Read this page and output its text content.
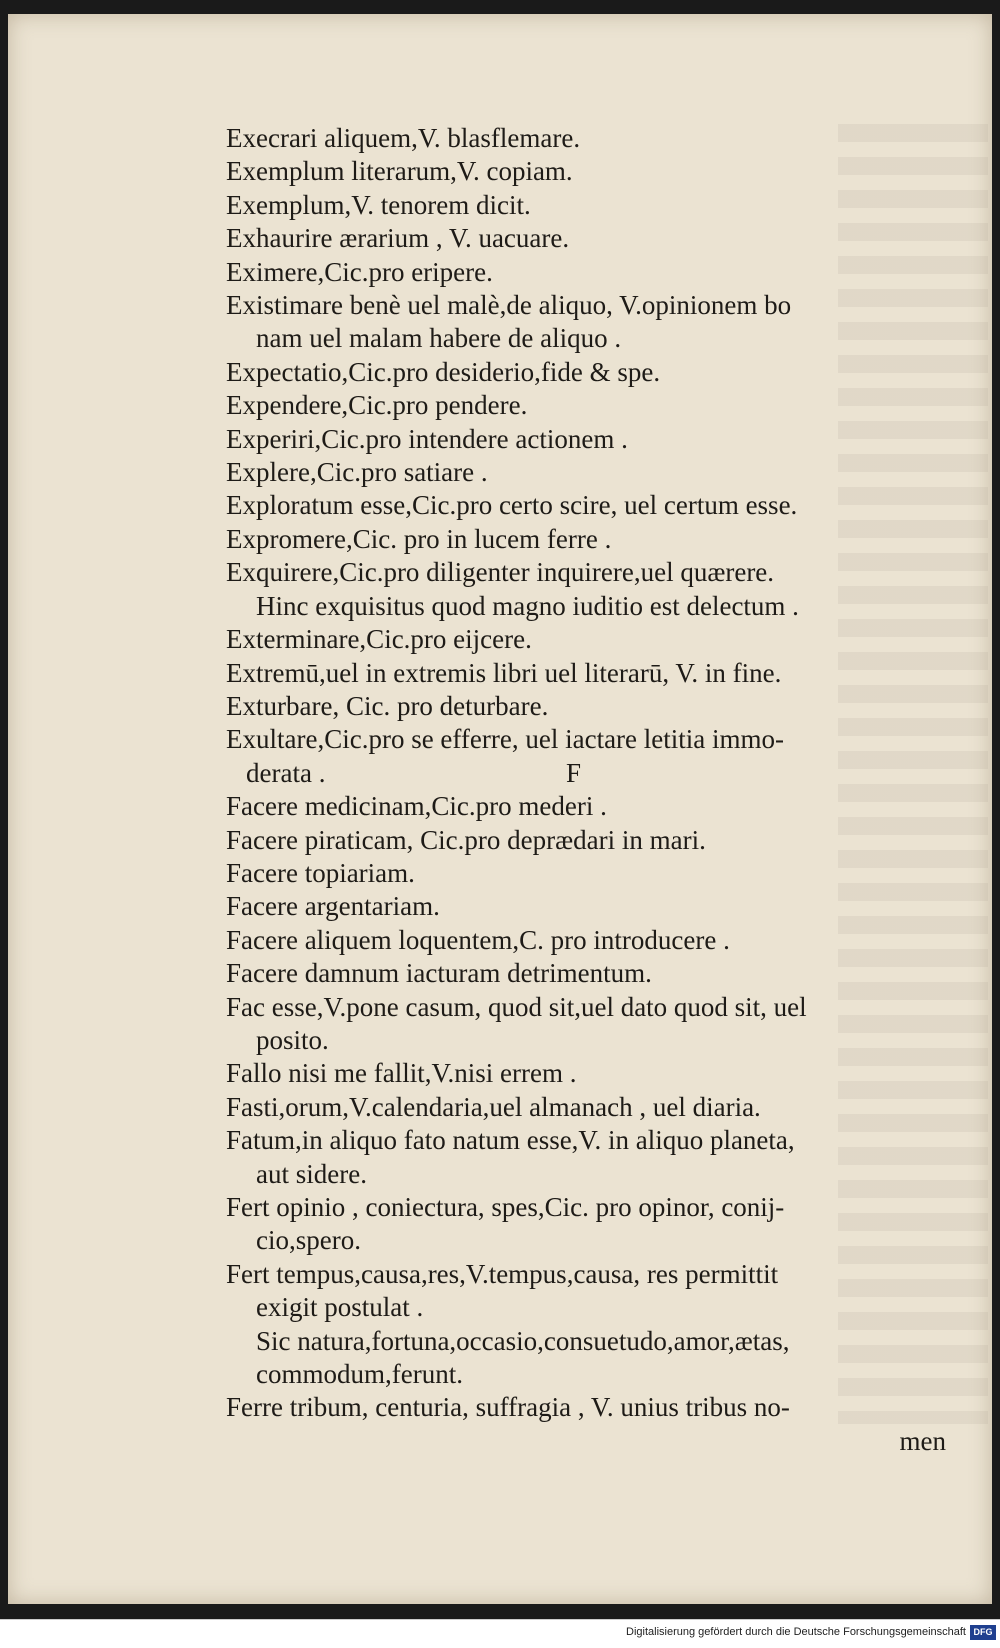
Execrari aliquem,V. blasflemare.
Exemplum literarum,V. copiam.
Exemplum,V. tenorem dicit.
Exhaurire ærarium , V. uacuare.
Eximere,Cic.pro eripere.
Existimare benè uel malè,de aliquo, V.opinionem bo
nam uel malam habere de aliquo .
Expectatio,Cic.pro desiderio,fide & spe.
Expendere,Cic.pro pendere.
Experiri,Cic.pro intendere actionem .
Explere,Cic.pro satiare .
Exploratum esse,Cic.pro certo scire, uel certum esse.
Expromere,Cic. pro in lucem ferre .
Exquirere,Cic.pro diligenter inquirere,uel quærere.
Hinc exquisitus quod magno iuditio est delectum .
Exterminare,Cic.pro eijcere.
Extremū,uel in extremis libri uel literarū, V. in fine.
Exturbare, Cic. pro deturbare.
Exultare,Cic.pro se efferre, uel iactare letitia immo-
derata .	F
Facere medicinam,Cic.pro mederi .
Facere piraticam, Cic.pro deprædari in mari.
Facere topiariam.
Facere argentariam.
Facere aliquem loquentem,C. pro introducere .
Facere damnum iacturam detrimentum.
Fac esse,V.pone casum, quod sit,uel dato quod sit, uel
posito.
Fallo nisi me fallit,V.nisi errem .
Fasti,orum,V.calendaria,uel almanach , uel diaria.
Fatum,in aliquo fato natum esse,V. in aliquo planeta,
aut sidere.
Fert opinio , coniectura, spes,Cic. pro opinor, conij-
cio,spero.
Fert tempus,causa,res,V.tempus,causa, res permittit
exigit postulat .
Sic natura,fortuna,occasio,consuetudo,amor,ætas,
commodum,ferunt.
Ferre tribum, centuria, suffragia , V. unius tribus no-
men
Digitalisierung gefördert durch die Deutsche Forschungsgemeinschaft DFG
